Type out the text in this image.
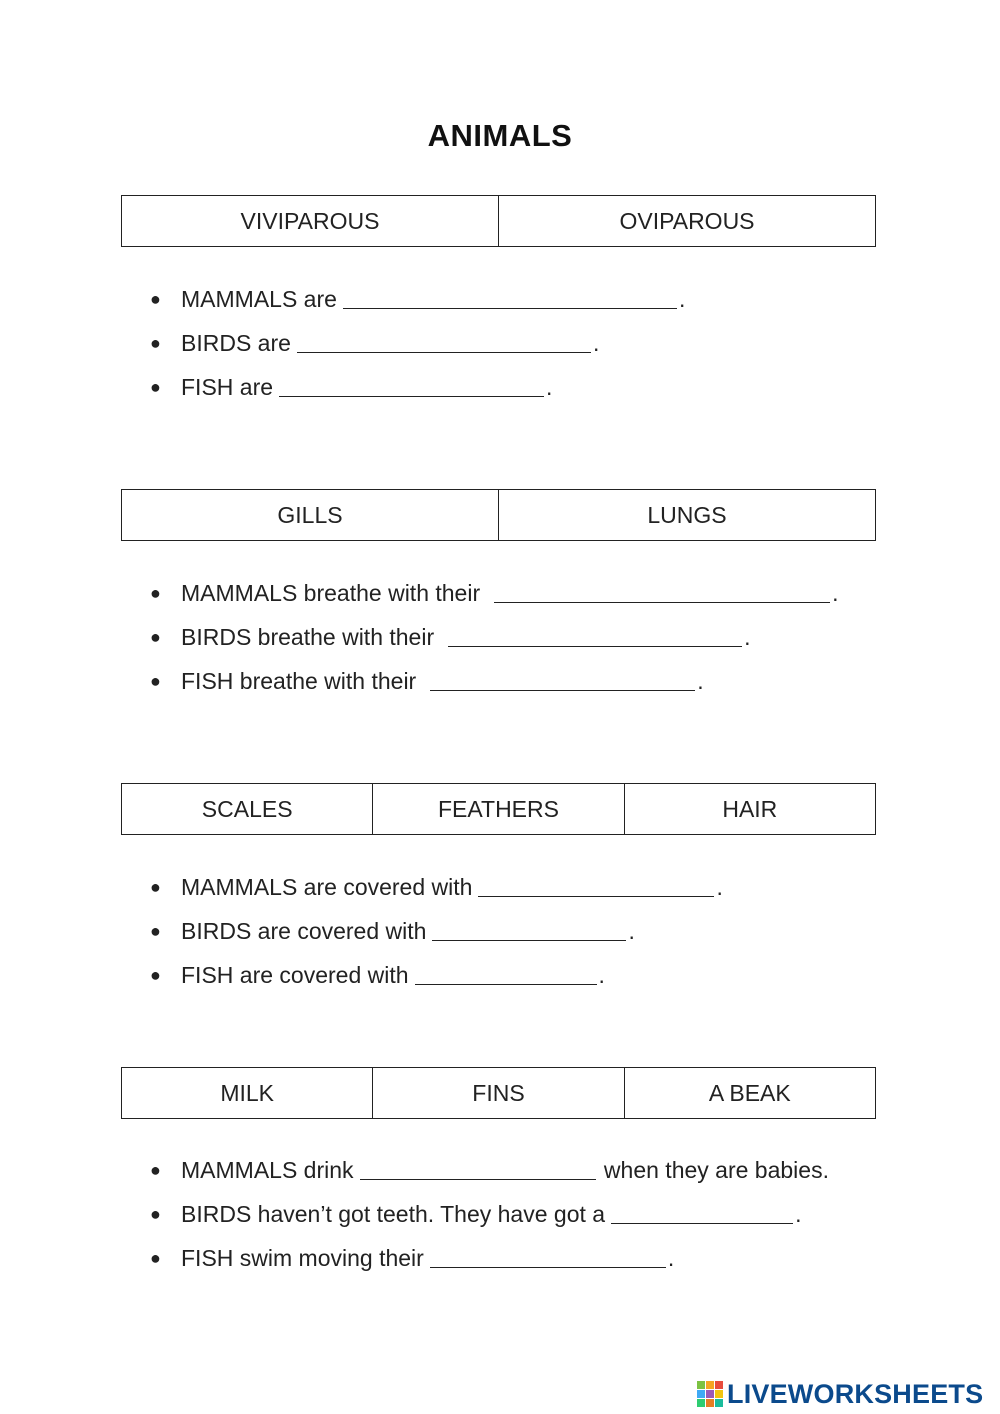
ANIMALS
VIVIPAROUS	OVIPAROUS
● MAMMALS are	.
● BIRDS are	.
● FISH are	.
GILLS	LUNGS
● MAMMALS breathe with their	.
● BIRDS breathe with their	.
● FISH breathe with their	.
SCALES	FEATHERS	HAIR
● MAMMALS are covered with	.
● BIRDS are covered with	.
● FISH are covered with	.
MILK	FINS	A BEAK
● MAMMALS drink	when they are babies.
● BIRDS haven’t got teeth. They have got a	.
● FISH swim moving their	.
LIVEWORKSHEETS
